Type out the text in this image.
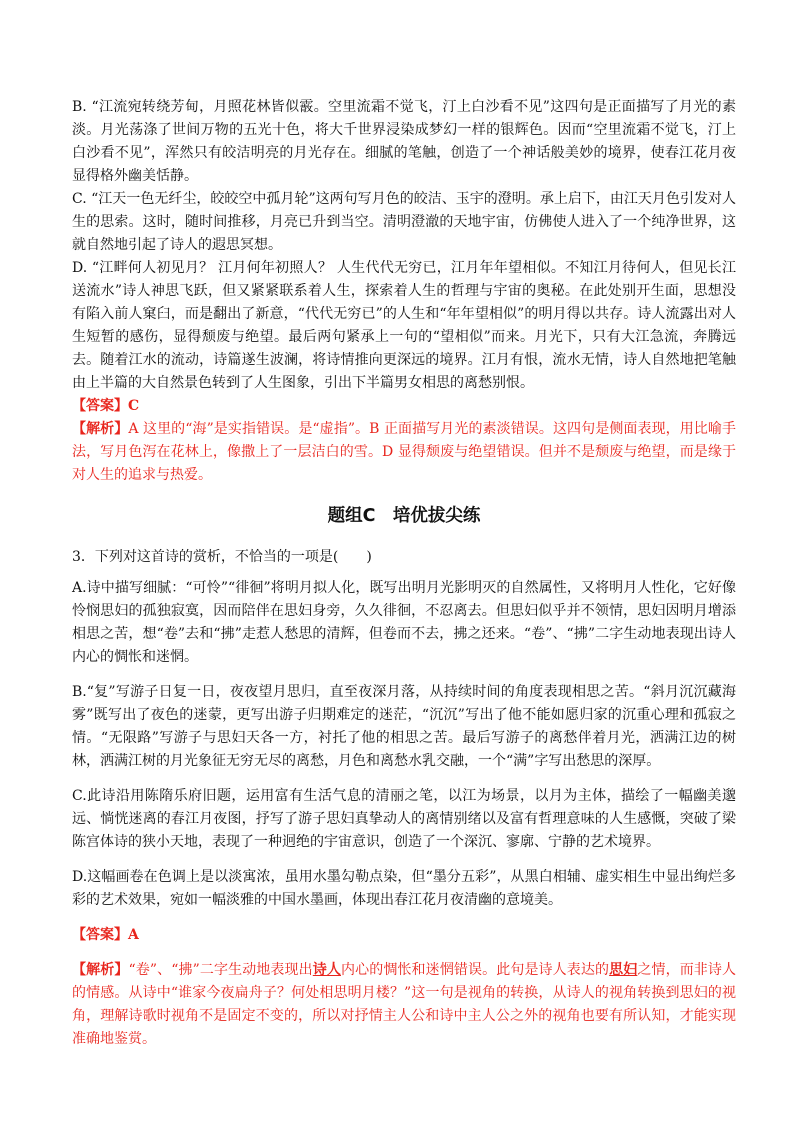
B. “江流宛转绕芳甸，月照花林皆似霰。空里流霜不觉飞，汀上白沙看不见”这四句是正面描写了月光的素淡。月光荡涤了世间万物的五光十色，将大千世界浸染成梦幻一样的银辉色。因而“空里流霜不觉飞，汀上白沙看不见”，浑然只有皎洁明亮的月光存在。细腻的笔触，创造了一个神话般美妙的境界，使春江花月夜显得格外幽美恬静。

C. “江天一色无纤尘，皎皎空中孤月轮”这两句写月色的皎洁、玉宇的澄明。承上启下，由江天月色引发对人生的思索。这时，随时间推移，月亮已升到当空。清明澄澈的天地宇宙，仿佛使人进入了一个纯净世界，这就自然地引起了诗人的遐思冥想。

D. “江畔何人初见月？ 江月何年初照人？ 人生代代无穷已，江月年年望相似。不知江月待何人，但见长江送流水”诗人神思飞跃，但又紧紧联系着人生，探索着人生的哲理与宇宙的奥秘。在此处别开生面，思想没有陷入前人窠臼，而是翻出了新意，“代代无穷已”的人生和“年年望相似”的明月得以共存。诗人流露出对人生短暂的感伤，显得颓废与绝望。最后两句紧承上一句的“望相似”而来。月光下，只有大江急流，奔腾远去。随着江水的流动，诗篇遂生波澜，将诗情推向更深远的境界。江月有恨，流水无情，诗人自然地把笔触由上半篇的大自然景色转到了人生图象，引出下半篇男女相思的离愁别恨。

【答案】C

【解析】A 这里的“海”是实指错误。是“虚指”。B 正面描写月光的素淡错误。这四句是侧面表现，用比喻手法，写月色泻在花林上，像撒上了一层洁白的雪。D 显得颓废与绝望错误。但并不是颓废与绝望，而是缘于对人生的追求与热爱。

题组C　培优拔尖练

3．下列对这首诗的赏析，不恰当的一项是(　　)

A.诗中描写细腻：“可怜”“徘徊”将明月拟人化，既写出明月光影明灭的自然属性，又将明月人性化，它好像怜悯思妇的孤独寂寞，因而陪伴在思妇身旁，久久徘徊，不忍离去。但思妇似乎并不领情，思妇因明月增添相思之苦，想“卷”去和“拂”走惹人愁思的清辉，但卷而不去，拂之还来。“卷”、“拂”二字生动地表现出诗人内心的惆怅和迷惘。

B.“复”写游子日复一日，夜夜望月思归，直至夜深月落，从持续时间的角度表现相思之苦。“斜月沉沉藏海雾”既写出了夜色的迷蒙，更写出游子归期难定的迷茫，“沉沉”写出了他不能如愿归家的沉重心理和孤寂之情。“无限路”写游子与思妇天各一方，衬托了他的相思之苦。最后写游子的离愁伴着月光，洒满江边的树林，洒满江树的月光象征无穷无尽的离愁，月色和离愁水乳交融，一个“满”字写出愁思的深厚。

C.此诗沿用陈隋乐府旧题，运用富有生活气息的清丽之笔，以江为场景，以月为主体，描绘了一幅幽美邈远、惝恍迷离的春江月夜图，抒写了游子思妇真挚动人的离情别绪以及富有哲理意味的人生感慨，突破了梁陈宫体诗的狭小天地，表现了一种迥绝的宇宙意识，创造了一个深沉、寥廓、宁静的艺术境界。

D.这幅画卷在色调上是以淡寓浓，虽用水墨勾勒点染，但“墨分五彩”，从黑白相辅、虚实相生中显出绚烂多彩的艺术效果，宛如一幅淡雅的中国水墨画，体现出春江花月夜清幽的意境美。

【答案】A

【解析】“卷”、“拂”二字生动地表现出诗人内心的惆怅和迷惘错误。此句是诗人表达的思妇之情，而非诗人的情感。从诗中“谁家今夜扁舟子？何处相思明月楼？”这一句是视角的转换，从诗人的视角转换到思妇的视角，理解诗歌时视角不是固定不变的，所以对抒情主人公和诗中主人公之外的视角也要有所认知，才能实现准确地鉴赏。
